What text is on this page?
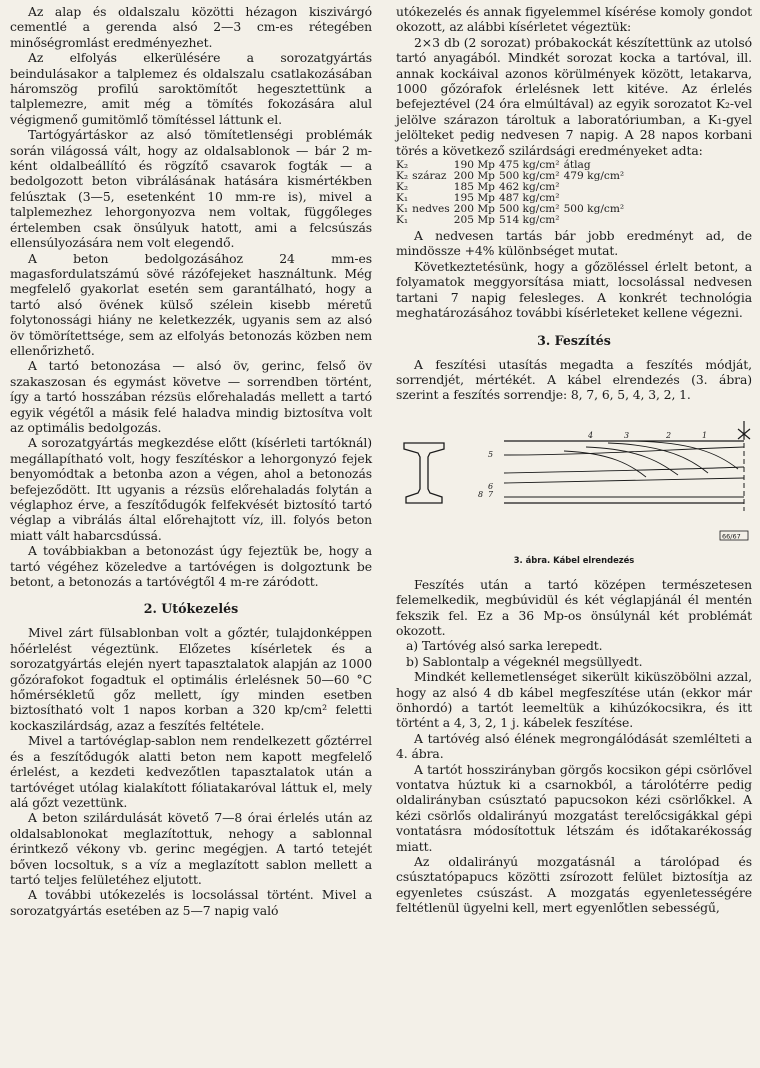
Az alap és oldalszalu közötti hézagon kiszivárgó cementlé a gerenda alsó 2—3 cm-es rétegében minőségromlást eredményezhet.

Az elfolyás elkerülésére a sorozatgyártás beindulásakor a talplemez és oldalszalu csatlakozásában háromszög profilú saroktömítőt hegesztettünk a talplemezre, amit még a tömítés fokozására alul végigmenő gumitömlő tömítéssel láttunk el.

Tartógyártáskor az alsó tömítetlenségi problémák során világossá vált, hogy az oldalsablonok — bár 2 m-ként oldalbeállító és rögzítő csavarok fogták — a bedolgozott beton vibrálásának hatására kismértékben felúsztak (3—5, esetenként 10 mm-re is), mivel a talplemezhez lehorgonyozva nem voltak, függőleges értelemben csak önsúlyuk hatott, ami a felcsúszás ellensúlyozására nem volt elegendő.

A beton bedolgozásához 24 mm-es magasfordulatszámú sövé rázófejeket használtunk. Még megfelelő gyakorlat esetén sem garantálható, hogy a tartó alsó övének külső szélein kisebb méretű folytonossági hiány ne keletkezzék, ugyanis sem az alsó öv tömörítettsége, sem az elfolyás betonozás közben nem ellenőrizhető.

A tartó betonozása — alsó öv, gerinc, felső öv szakaszosan és egymást követve — sorrendben történt, így a tartó hosszában rézsüs előrehaladás mellett a tartó egyik végétől a másik felé haladva mindig biztosítva volt az optimális bedolgozás.

A sorozatgyártás megkezdése előtt (kísérleti tartóknál) megállapítható volt, hogy feszítéskor a lehorgonyzó fejek benyomódtak a betonba azon a végen, ahol a betonozás befejeződött. Itt ugyanis a rézsüs előrehaladás folytán a véglaphoz érve, a feszítődugók felfekvését biztosító tartó véglap a vibrálás által előrehajtott víz, ill. folyós beton miatt vált habarcsdússá.

A továbbiakban a betonozást úgy fejeztük be, hogy a tartó végéhez közeledve a tartóvégen is dolgoztunk be betont, a betonozás a tartóvégtől 4 m-re záródott.

2. Utókezelés

Mivel zárt fülsablonban volt a gőztér, tulajdonképpen hőérlelést végeztünk. Előzetes kísérletek és a sorozatgyártás elején nyert tapasztalatok alapján az 1000 gőzórafokot fogadtuk el optimális érlelésnek 50—60 °C hőmérsékletű gőz mellett, így minden esetben biztosítható volt 1 napos korban a 320 kp/cm² feletti kockaszilárdság, azaz a feszítés feltétele.

Mivel a tartóvéglap-sablon nem rendelkezett gőztérrel és a feszítődugók alatti beton nem kapott megfelelő érlelést, a kezdeti kedvezőtlen tapasztalatok után a tartóvéget utólag kialakított fóliatakaróval láttuk el, mely alá gőzt vezettünk.

A beton szilárdulását követő 7—8 órai érlelés után az oldalsablonokat meglazítottuk, nehogy a sablonnal érintkező vékony vb. gerinc megégjen. A tartó tetejét bőven locsoltuk, s a víz a meglazított sablon mellett a tartó teljes felületéhez eljutott.

A további utókezelés is locsolással történt. Mivel a sorozatgyártás esetében az 5—7 napig való

utókezelés és annak figyelemmel kísérése komoly gondot okozott, az alábbi kísérletet végeztük:

2×3 db (2 sorozat) próbakockát készítettünk az utolsó tartó anyagából. Mindkét sorozat kocka a tartóval, ill. annak kockáival azonos körülmények között, letakarva, 1000 gőzórafok érlelésnek lett kitéve. Az érlelés befejeztével (24 óra elmúltával) az egyik sorozatot K₂-vel jelölve szárazon tároltuk a laboratóriumban, a K₁-gyel jelölteket pedig nedvesen 7 napig. A 28 napos korbani törés a következő szilárdsági eredményeket adta:

K₂		190 Mp	475 kg/cm²	átlag
K₂	száraz	200 Mp	500 kg/cm²	479 kg/cm²
K₂		185 Mp	462 kg/cm²	
K₁		195 Mp	487 kg/cm²	
K₁	nedves	200 Mp	500 kg/cm²	500 kg/cm²
K₁		205 Mp	514 kg/cm²	

A nedvesen tartás bár jobb eredményt ad, de mindössze +4% különbséget mutat.

Következtetésünk, hogy a gőzöléssel érlelt betont, a folyamatok meggyorsítása miatt, locsolással nedvesen tartani 7 napig felesleges. A konkrét technológia meghatározásához további kísérleteket kellene végezni.

3. Feszítés

A feszítési utasítás megadta a feszítés módját, sorrendjét, mértékét. A kábel elrendezés (3. ábra) szerint a feszítés sorrendje: 8, 7, 6, 5, 4, 3, 2, 1.

4	3	2	1
5
6
7
8
66/67
3. ábra. Kábel elrendezés

Feszítés után a tartó középen természetesen felemelkedik, megbúvidül és két véglapjánál él mentén fekszik fel. Ez a 36 Mp-os önsúlynál két problémát okozott.

a) Tartóvég alsó sarka lerepedt.

b) Sablontalp a végeknél megsüllyedt.

Mindkét kellemetlenséget sikerült kiküszöbölni azzal, hogy az alsó 4 db kábel megfeszítése után (ekkor már önhordó) a tartót leemeltük a kihúzókocsikra, és itt történt a 4, 3, 2, 1 j. kábelek feszítése.

A tartóvég alsó élének megrongálódását szemlélteti a 4. ábra.

A tartót hosszirányban görgős kocsikon gépi csörlővel vontatva húztuk ki a csarnokból, a tárolótérre pedig oldalirányban csúsztató papucsokon kézi csörlőkkel. A kézi csörlős oldalirányú mozgatást terelőcsigákkal gépi vontatásra módosítottuk létszám és időtakarékosság miatt.

Az oldalirányú mozgatásnál a tárolópad és csúsztatópapucs közötti zsírozott felület biztosítja az egyenletes csúszást. A mozgatás egyenletességére feltétlenül ügyelni kell, mert egyenlőtlen sebességű,
